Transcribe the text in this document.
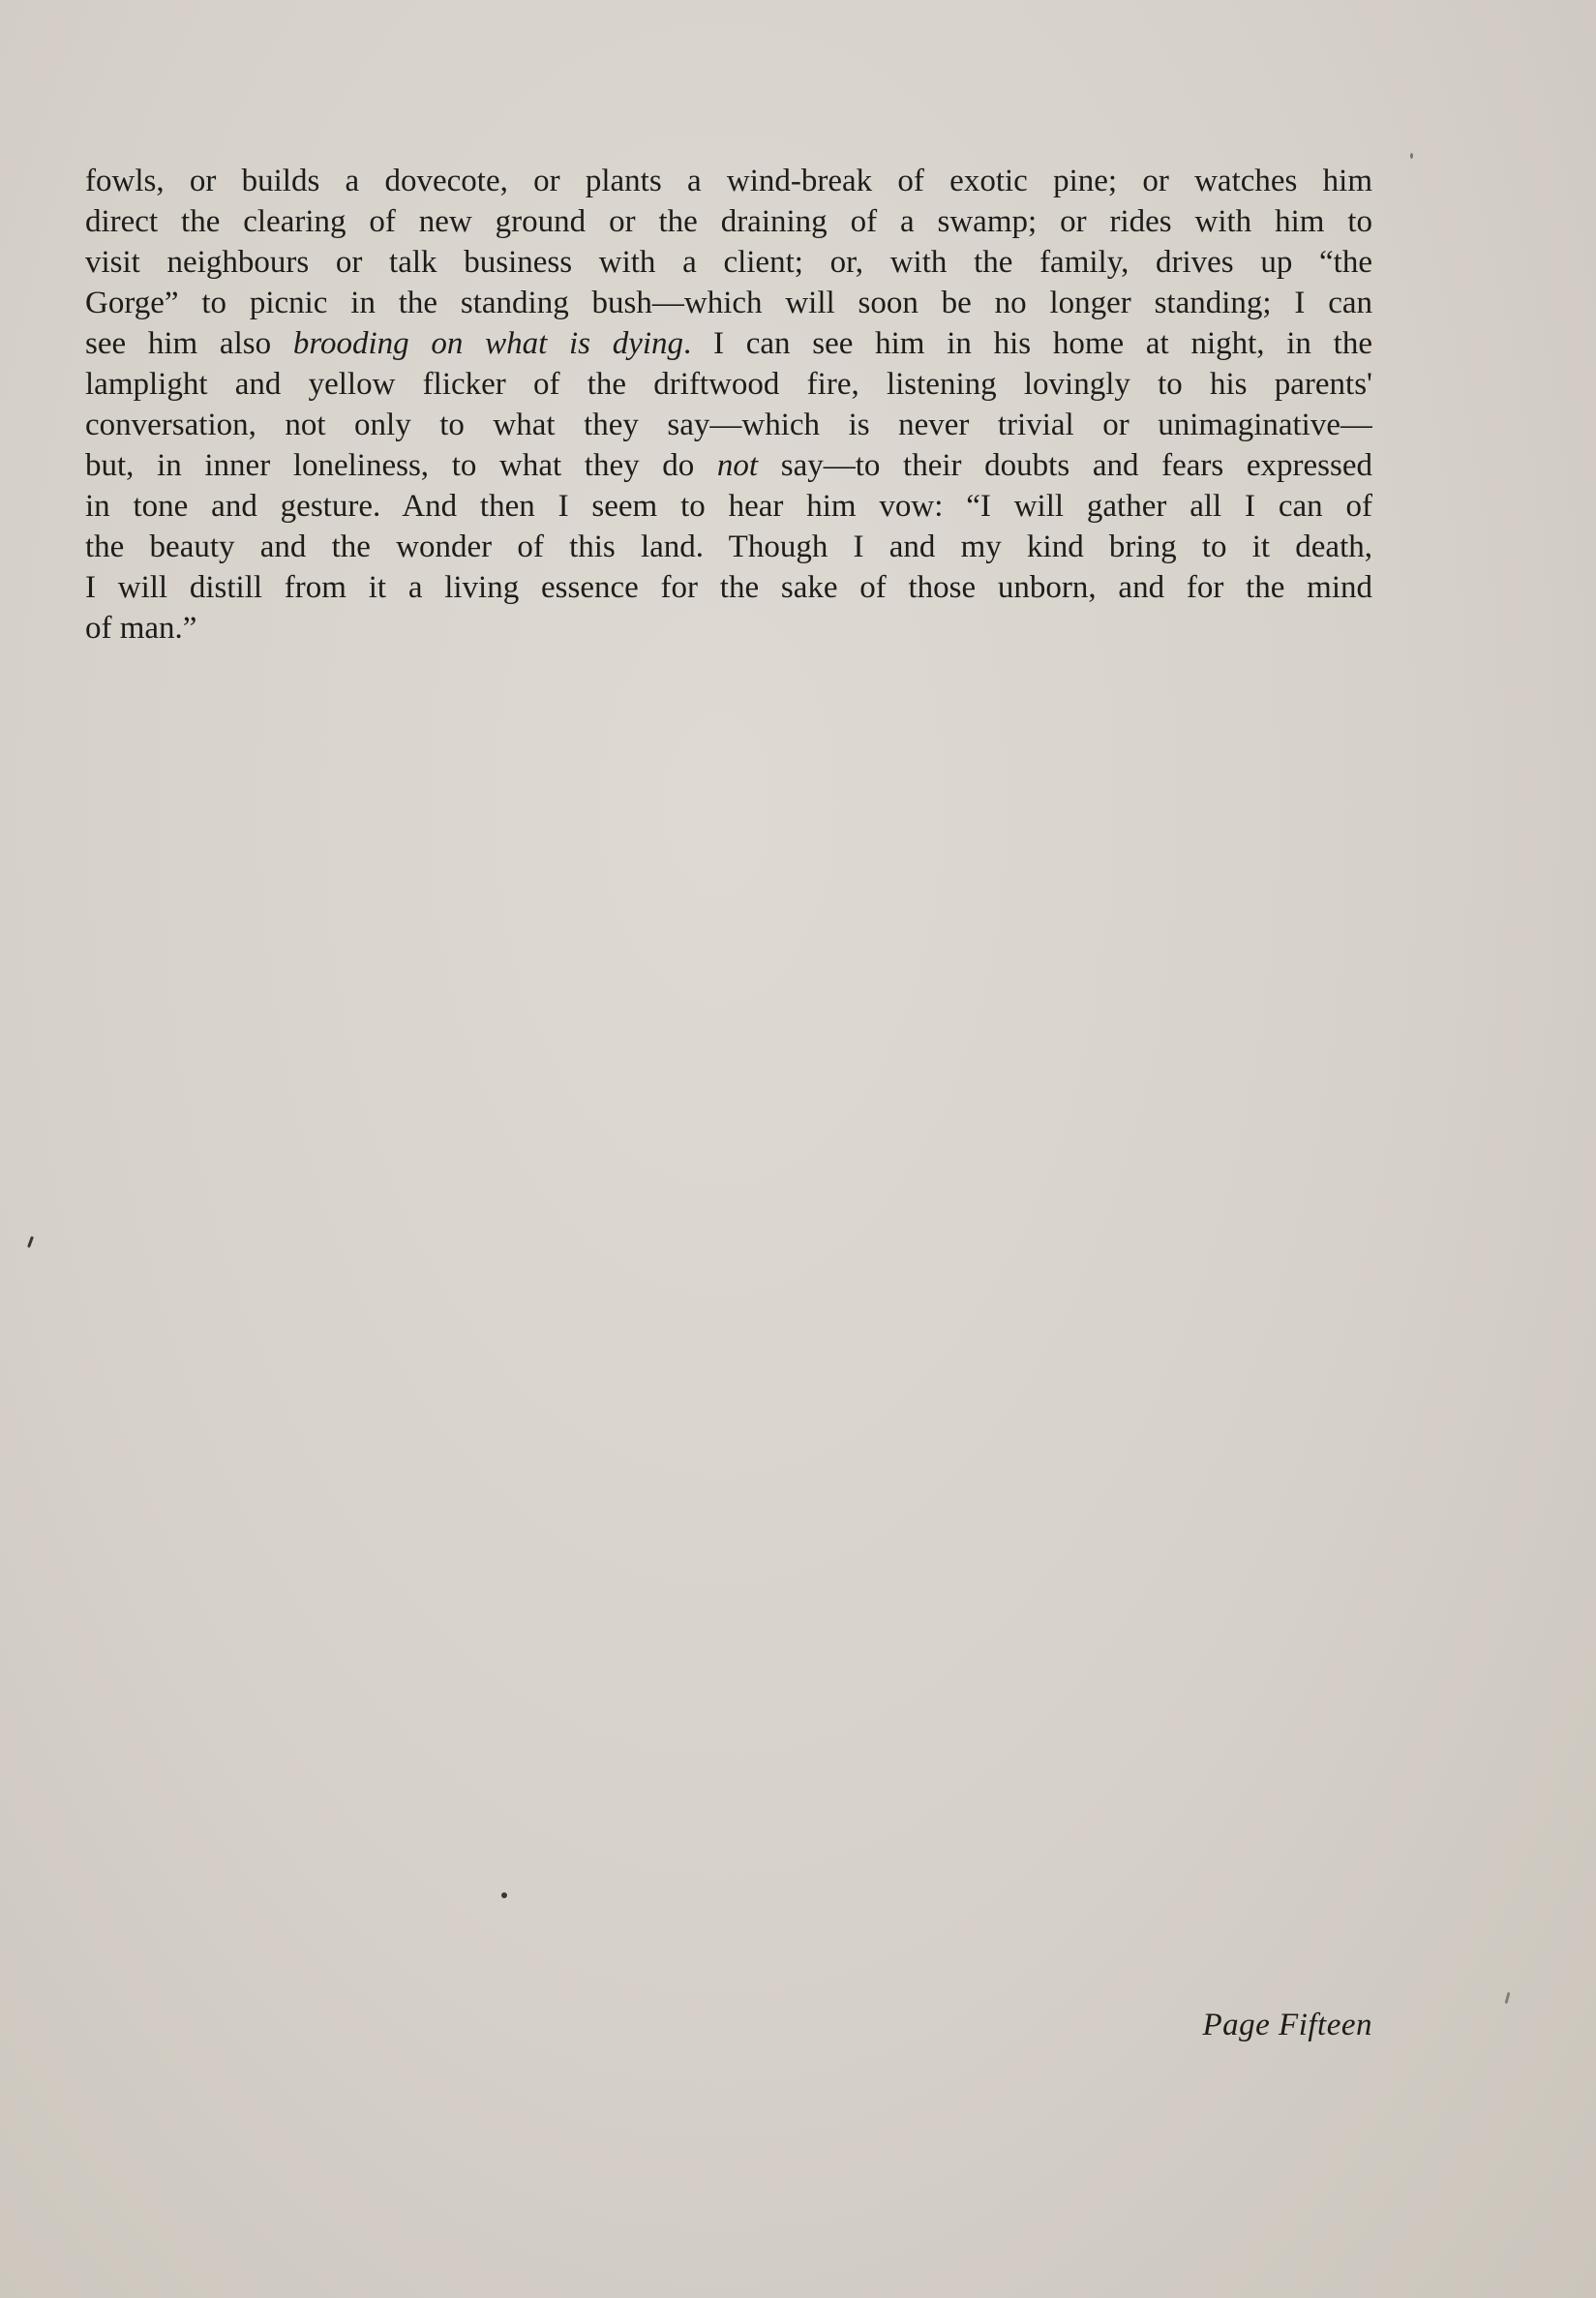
fowls, or builds a dovecote, or plants a wind-break of exotic pine; or watches him
direct the clearing of new ground or the draining of a swamp; or rides with him to
visit neighbours or talk business with a client; or, with the family, drives up “the
Gorge” to picnic in the standing bush—which will soon be no longer standing; I can
see him also brooding on what is dying. I can see him in his home at night, in the
lamplight and yellow flicker of the driftwood fire, listening lovingly to his parents'
conversation, not only to what they say—which is never trivial or unimaginative—
but, in inner loneliness, to what they do not say—to their doubts and fears expressed
in tone and gesture. And then I seem to hear him vow: “I will gather all I can of
the beauty and the wonder of this land. Though I and my kind bring to it death,
I will distill from it a living essence for the sake of those unborn, and for the mind
of man.”
Page Fifteen
